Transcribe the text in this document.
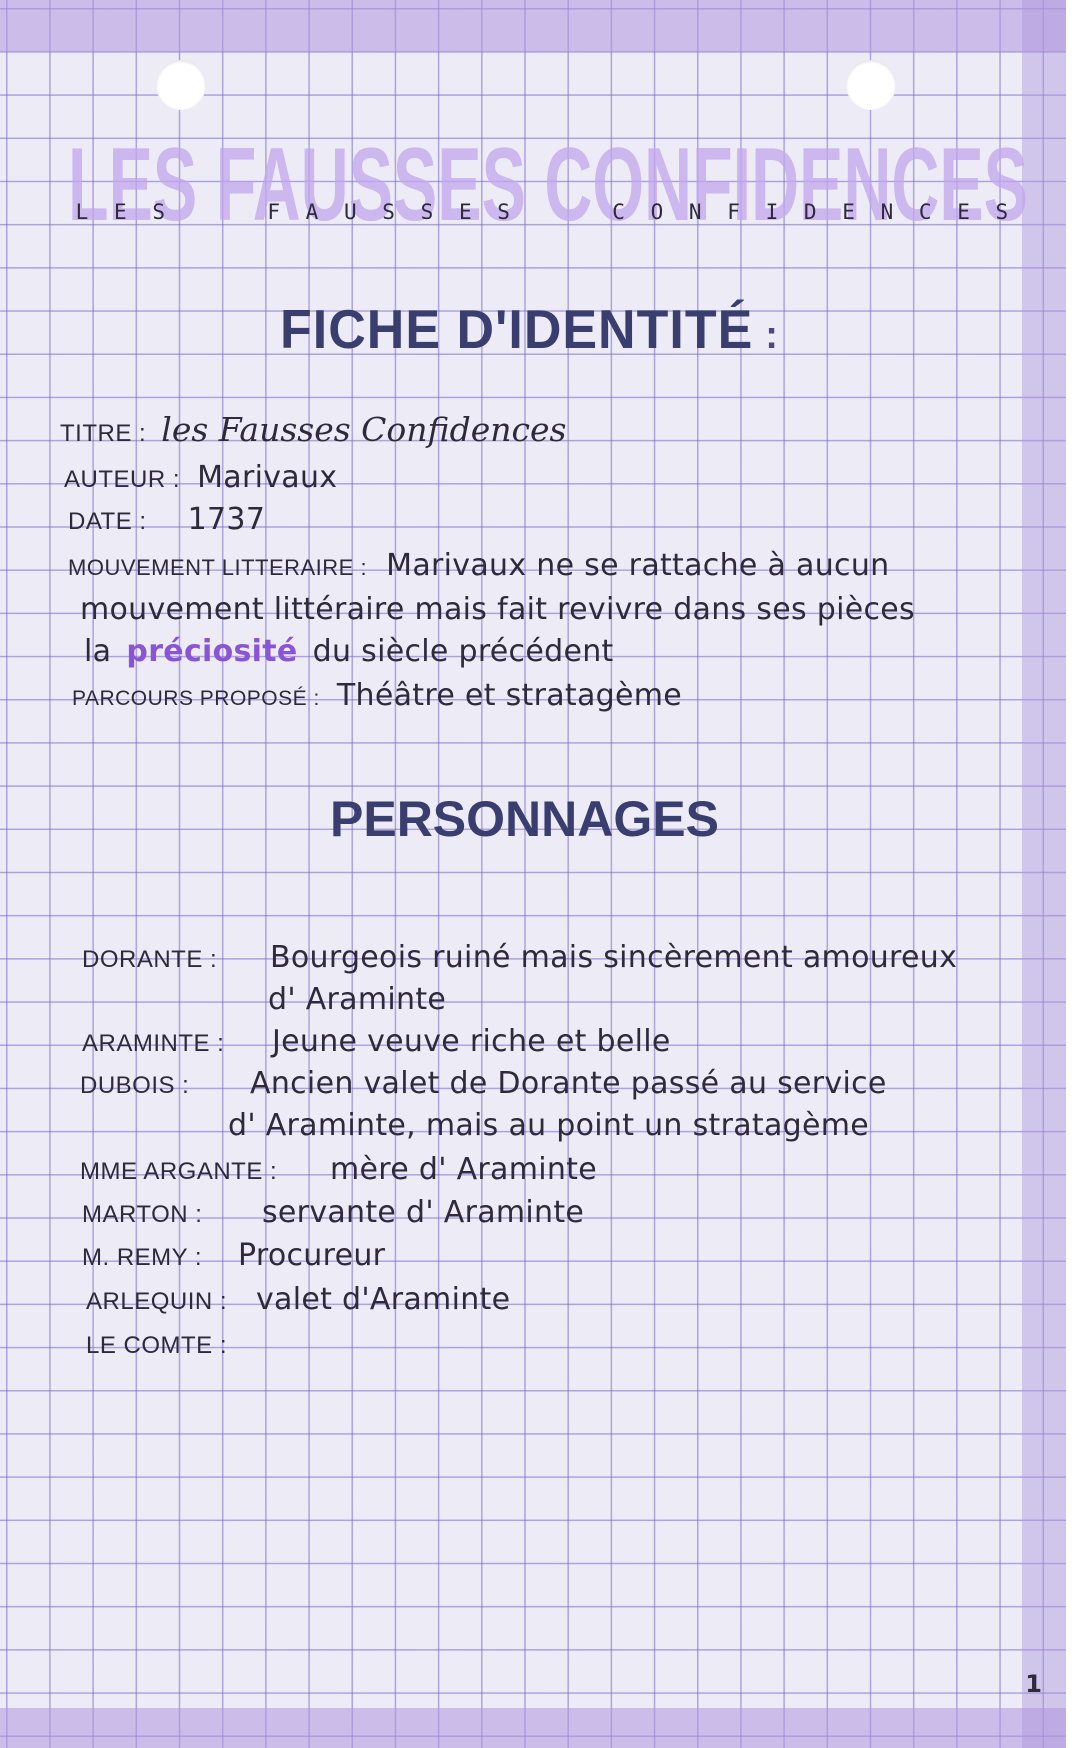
LES FAUSSES CONFIDENCES
L E S	F A U S S E S	C O N F I D E N C E S
FICHE D'IDENTITÉ :
TITRE : les Fausses Confidences
AUTEUR : Marivaux
DATE : 1737
MOUVEMENT LITTERAIRE : Marivaux ne se rattache à aucun
mouvement littéraire mais fait revivre dans ses pièces
la préciosité du siècle précédent
PARCOURS PROPOSÉ : Théâtre et stratagème
PERSONNAGES
DORANTE : Bourgeois ruiné mais sincèrement amoureux
d' Araminte
ARAMINTE : Jeune veuve riche et belle
DUBOIS : Ancien valet de Dorante passé au service
d' Araminte, mais au point un stratagème
MME ARGANTE : mère d' Araminte
MARTON : servante d' Araminte
M. REMY : Procureur
ARLEQUIN : valet d'Araminte
LE COMTE :
1
